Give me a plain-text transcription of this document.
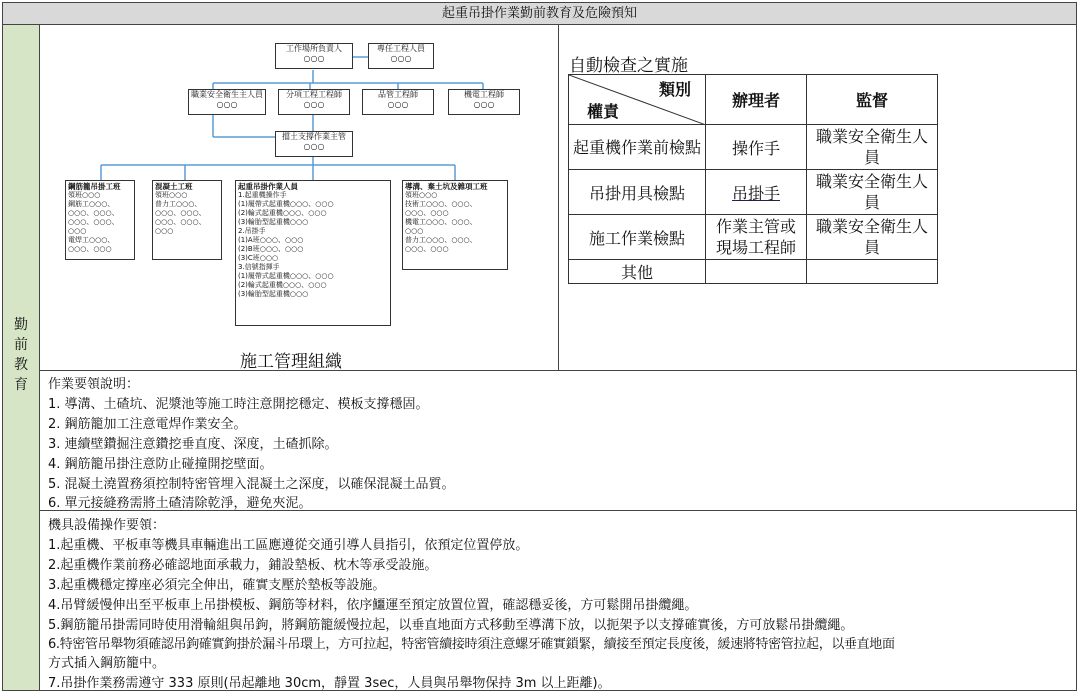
起重吊掛作業勤前教育及危險預知
勤
前
教
育
工作場所負責人
○○○
專任工程人員
○○○
職業安全衛生主人員
○○○
分項工程工程師
○○○
品管工程師
○○○
機電工程師
○○○
擋土支撐作業主管
○○○
鋼筋籠吊掛工班
領班○○○
鋼筋工○○○、
○○○、○○○、
○○○、○○○、
○○○
電焊工○○○、
○○○、○○○
混凝土工班
領班○○○
普力工○○○、
○○○、○○○、
○○○、○○○、
○○○
起重吊掛作業人員
1.起重機操作手
(1)履帶式起重機○○○、○○○
(2)輪式起重機○○○、○○○
(3)輪胎型起重機○○○
2.吊掛手
(1)A班○○○、○○○
(2)B班○○○、○○○
(3)C班○○○
3.信號指揮手
(1)履帶式起重機○○○、○○○
(2)輪式起重機○○○、○○○
(3)輪胎型起重機○○○
導溝、棄土坑及雜項工班
領班○○○
技術工○○○、○○○、
○○○、○○○
機電工○○○、○○○、
○○○
普力工○○○、○○○、
○○○、○○○
施工管理組織
自動檢查之實施
類別
權責	辦理者	監督
起重機作業前檢點	操作手	職業安全衛生人員
吊掛用具檢點	吊掛手	職業安全衛生人員
施工作業檢點	作業主管或現場工程師	職業安全衛生人員
其他		
作業要領說明：
1. 導溝、土碴坑、泥漿池等施工時注意開挖穩定、模板支撐穩固。
2. 鋼筋籠加工注意電焊作業安全。
3. 連續壁鑽掘注意鑽挖垂直度、深度，土碴抓除。
4. 鋼筋籠吊掛注意防止碰撞開挖壁面。
5. 混凝土澆置務須控制特密管埋入混凝土之深度，以確保混凝土品質。
6. 單元接縫務需將土碴清除乾淨，避免夾泥。
機具設備操作要領：
1.起重機、平板車等機具車輛進出工區應遵從交通引導人員指引，依預定位置停放。
2.起重機作業前務必確認地面承載力，鋪設墊板、枕木等承受設施。
3.起重機穩定撐座必須完全伸出，確實支壓於墊板等設施。
4.吊臂緩慢伸出至平板車上吊掛模板、鋼筋等材料，依序鱷運至預定放置位置，確認穩妥後，方可鬆開吊掛纜繩。
5.鋼筋籠吊掛需同時使用滑輪組與吊鉤，將鋼筋籠緩慢拉起，以垂直地面方式移動至導溝下放，以扼架予以支撐確實後，方可放鬆吊掛纜繩。
6.特密管吊舉物須確認吊鉤確實鉤掛於漏斗吊環上，方可拉起，特密管續接時須注意螺牙確實鎖緊，續接至預定長度後，緩速將特密管拉起，以垂直地面
方式插入鋼筋籠中。
7.吊掛作業務需遵守 333 原則(吊起離地 30cm，靜置 3sec，人員與吊舉物保持 3m 以上距離)。
